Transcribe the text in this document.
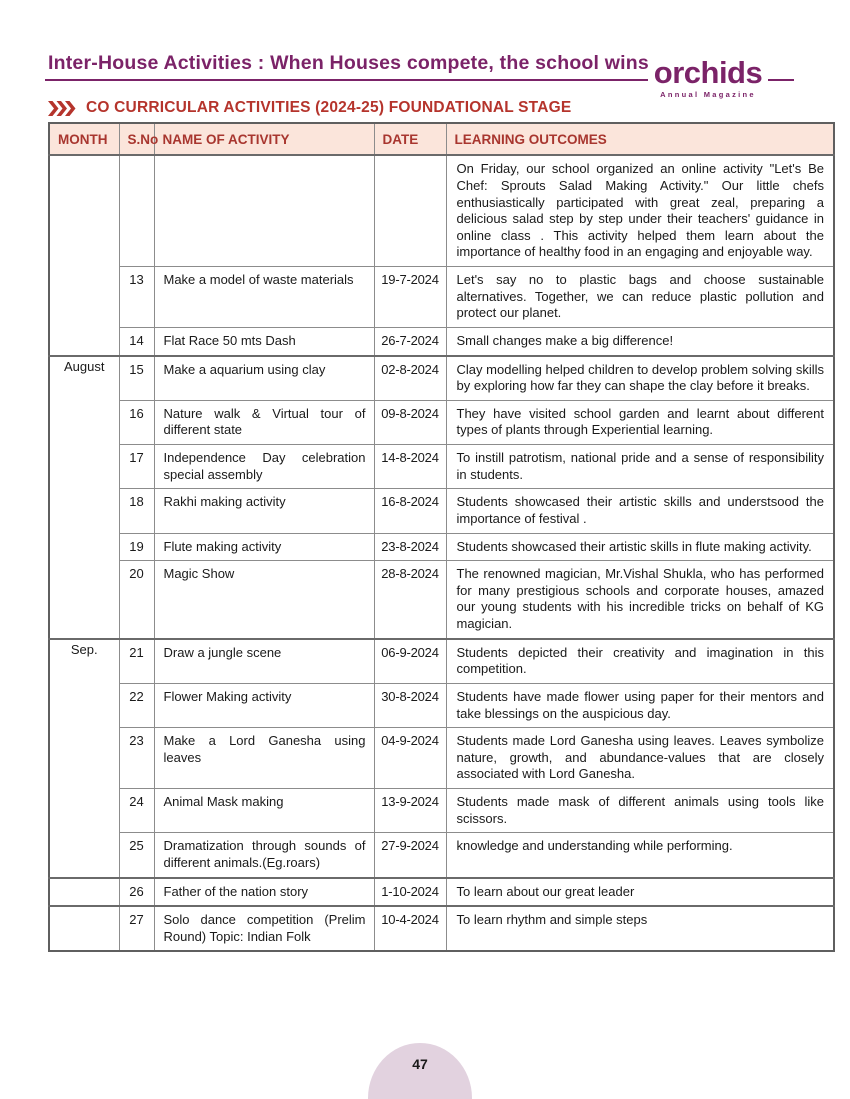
Inter-House Activities : When Houses compete, the school wins orchids
Annual Magazine
CO CURRICULAR ACTIVITIES (2024-25) FOUNDATIONAL STAGE
MONTH	S.No	NAME OF ACTIVITY	DATE	LEARNING OUTCOMES
				On Friday, our school organized an online activity "Let's Be Chef: Sprouts Salad Making Activity." Our little chefs enthusiastically participated with great zeal, preparing a delicious salad step by step under their teachers' guidance in online class . This activity helped them learn about the importance of healthy food in an engaging and enjoyable way.
	13	Make a model of waste materials	19-7-2024	Let's say no to plastic bags and choose sustainable alternatives. Together, we can reduce plastic pollution and protect our planet.
	14	Flat Race 50 mts Dash	26-7-2024	Small changes make a big difference!
August	15	Make a aquarium using clay	02-8-2024	Clay modelling helped children to develop problem solving skills by exploring how far they can shape the clay before it breaks.
	16	Nature walk & Virtual tour of different state	09-8-2024	They have visited school garden and learnt about different types of plants through Experiential learning.
	17	Independence Day celebration special assembly	14-8-2024	To instill patrotism, national pride and a sense of responsibility in students.
	18	Rakhi making activity	16-8-2024	Students showcased their artistic skills and understsood the importance of festival .
	19	Flute making activity	23-8-2024	Students showcased their artistic skills in flute making activity.
	20	Magic Show	28-8-2024	The renowned magician, Mr.Vishal Shukla, who has performed for many prestigious schools and corporate houses, amazed our young students with his incredible tricks on behalf of KG magician.
Sep.	21	Draw a jungle scene	06-9-2024	Students depicted their creativity and imagination in this competition.
	22	Flower Making activity	30-8-2024	Students have made flower using paper for their mentors and take blessings on the auspicious day.
	23	Make a Lord Ganesha using leaves	04-9-2024	Students made Lord Ganesha using leaves. Leaves symbolize nature, growth, and abundance-values that are closely associated with Lord Ganesha.
	24	Animal Mask making	13-9-2024	Students made mask of different animals using tools like scissors.
	25	Dramatization through sounds of different animals.(Eg.roars)	27-9-2024	knowledge and understanding while performing.
	26	Father of the nation story	1-10-2024	To learn about our great leader
	27	Solo dance competition (Prelim Round) Topic: Indian Folk	10-4-2024	To learn rhythm and simple steps
47
